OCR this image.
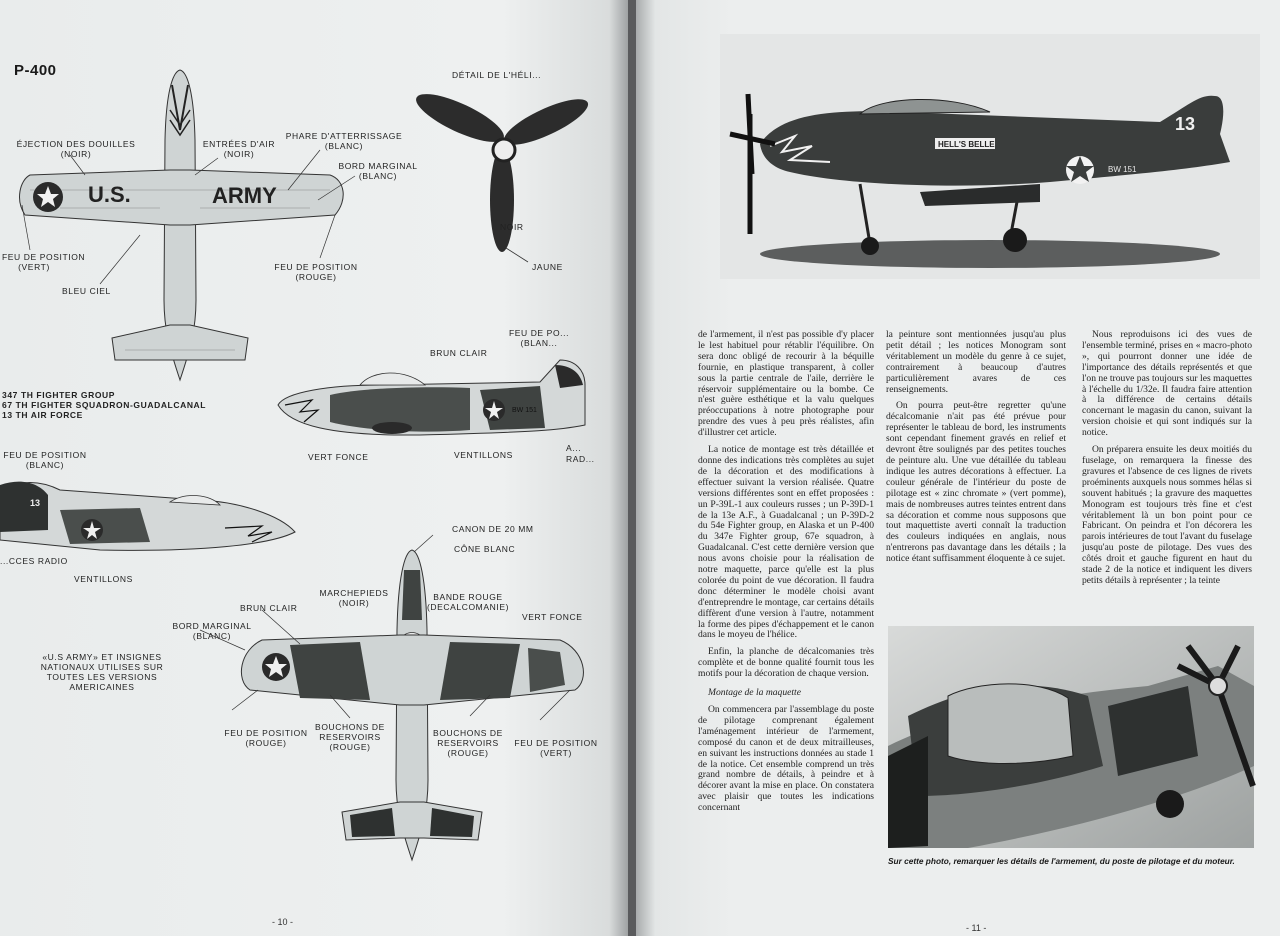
P-400
U.S.	ARMY
DÉTAIL DE L'HÉLI...
NOIR
JAUNE
ÉJECTION DES DOUILLES
(NOIR)
ENTRÉES D'AIR
(NOIR)
PHARE D'ATTERRISSAGE
(BLANC)
BORD MARGINAL
(BLANC)
FEU DE POSITION
(VERT)
BLEU CIEL
FEU DE POSITION
(ROUGE)
BW 151
FEU DE PO...
(BLAN...
BRUN CLAIR
347 TH FIGHTER GROUP
67 TH FIGHTER SQUADRON-GUADALCANAL
13 TH AIR FORCE
VERT FONCE	VENTILLONS
A...
RAD...
13
FEU DE POSITION
(BLANC)
...CCES RADIO
VENTILLONS
CANON DE 20 MM
CÔNE BLANC
BRUN CLAIR
MARCHEPIEDS
(NOIR)
BANDE ROUGE
(DECALCOMANIE)
VERT FONCE
BORD MARGINAL
(BLANC)
«U.S ARMY» ET INSIGNES
NATIONAUX UTILISES SUR
TOUTES LES VERSIONS
AMERICAINES
FEU DE POSITION
(ROUGE)
BOUCHONS DE
RESERVOIRS
(ROUGE)
BOUCHONS DE
RESERVOIRS
(ROUGE)
FEU DE POSITION
(VERT)
- 10 -
HELL'S BELLE
13
BW 151

de l'armement, il n'est pas possible d'y placer le lest habituel pour rétablir l'équilibre. On sera donc obligé de recourir à la béquille fournie, en plastique transparent, à coller sous la partie centrale de l'aile, derrière le réservoir supplémentaire ou la bombe. Ce n'est guère esthétique et la valu quelques préoccupations à notre photographe pour prendre des vues à peu près réalistes, afin d'illustrer cet article.

La notice de montage est très détaillée et donne des indications très complètes au sujet de la décoration et des modifications à effectuer suivant la version réalisée. Quatre versions différentes sont en effet proposées : un P-39L-1 aux couleurs russes ; un P-39D-1 de la 13e A.F., à Guadalcanal ; un P-39D-2 du 54e Fighter group, en Alaska et un P-400 du 347e Fighter group, 67e squadron, à Guadalcanal. C'est cette dernière version que nous avons choisie pour la réalisation de notre maquette, parce qu'elle est la plus colorée du point de vue décoration. Il faudra donc déterminer le modèle choisi avant d'entreprendre le montage, car certains détails diffèrent d'une version à l'autre, notamment la forme des pipes d'échappement et le canon dans le moyeu de l'hélice.

Enfin, la planche de décalcomanies très complète et de bonne qualité fournit tous les motifs pour la décoration de chaque version.

Montage de la maquette

On commencera par l'assemblage du poste de pilotage comprenant également l'aménagement intérieur de l'armement, composé du canon et de deux mitrailleuses, en suivant les instructions données au stade 1 de la notice. Cet ensemble comprend un très grand nombre de détails, à peindre et à décorer avant la mise en place. On constatera avec plaisir que toutes les indications concernant

la peinture sont mentionnées jusqu'au plus petit détail ; les notices Monogram sont véritablement un modèle du genre à ce sujet, contrairement à beaucoup d'autres particulièrement avares de ces renseignements.

On pourra peut-être regretter qu'une décalcomanie n'ait pas été prévue pour représenter le tableau de bord, les instruments sont cependant finement gravés en relief et devront être soulignés par des petites touches de peinture alu. Une vue détaillée du tableau indique les autres décorations à effectuer. La couleur générale de l'intérieur du poste de pilotage est « zinc chromate » (vert pomme), mais de nombreuses autres teintes entrent dans sa décoration et comme nous supposons que tout maquettiste averti connaît la traduction des couleurs indiquées en anglais, nous n'entrerons pas davantage dans les détails ; la notice étant suffisamment éloquente à ce sujet.

Nous reproduisons ici des vues de l'ensemble terminé, prises en « macro-photo », qui pourront donner une idée de l'importance des détails représentés et que l'on ne trouve pas toujours sur les maquettes à l'échelle du 1/32e. Il faudra faire attention à la différence de certains détails concernant le magasin du canon, suivant la version choisie et qui sont indiqués sur la notice.

On préparera ensuite les deux moitiés du fuselage, on remarquera la finesse des gravures et l'absence de ces lignes de rivets proéminents auxquels nous sommes hélas si souvent habitués ; la gravure des maquettes Monogram est toujours très fine et c'est véritablement là un bon point pour ce Fabricant. On peindra et l'on décorera les parois intérieures de tout l'avant du fuselage jusqu'au poste de pilotage. Des vues des côtés droit et gauche figurent en haut du stade 2 de la notice et indiquent les divers petits détails à représenter ; la teinte

Sur cette photo, remarquer les détails de l'armement, du poste de pilotage et du moteur.
- 11 -
